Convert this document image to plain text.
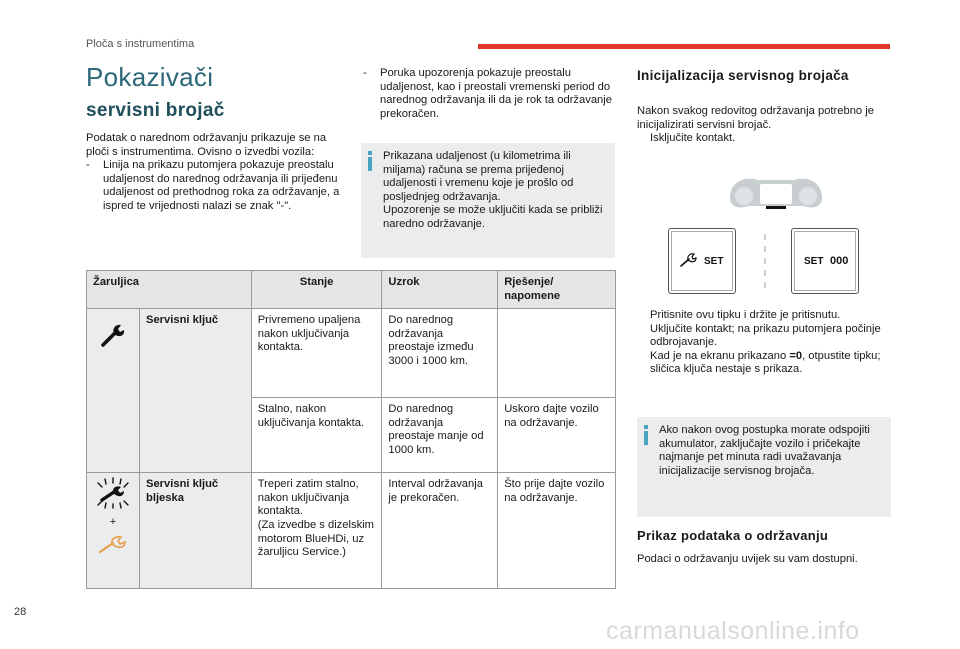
Ploča s instrumentima
Pokazivači
servisni brojač
Podatak o narednom održavanju prikazuje se na ploči s instrumentima. Ovisno o izvedbi vozila:
-	Linija na prikazu putomjera pokazuje preostalu udaljenost do narednog održavanja ili prijeđenu udaljenost od prethodnog roka za održavanje, a ispred te vrijednosti nalazi se znak "-".
-	Poruka upozorenja pokazuje preostalu udaljenost, kao i preostali vremenski period do narednog održavanja ili da je rok ta održavanje prekoračen.
Prikazana udaljenost (u kilometrima ili miljama) računa se prema prijeđenoj udaljenosti i vremenu koje je prošlo od posljednjeg održavanja.
Upozorenje se može uključiti kada se približi naredno održavanje.
Žaruljica		Stanje	Uzrok	Rješenje/ napomene
	Servisni ključ	Privremeno upaljena nakon uključivanja kontakta.	Do narednog održavanja preostaje između 3000 i 1000 km.	
		Stalno, nakon uključivanja kontakta.	Do narednog održavanja preostaje manje od 1000 km.	Uskoro dajte vozilo na održavanje.

+	Servisni ključ bljeska	Treperi zatim stalno, nakon uključivanja kontakta.
(Za izvedbe s dizelskim motorom BlueHDi, uz žaruljicu Service.)	Interval održavanja je prekoračen.	Što prije dajte vozilo na održavanje.
Inicijalizacija servisnog brojača
Nakon svakog redovitog održavanja potrebno je inicijalizirati servisni brojač.
Isključite kontakt.
SET	SET 000
Pritisnite ovu tipku i držite je pritisnutu.
Uključite kontakt; na prikazu putomjera počinje odbrojavanje.
Kad je na ekranu prikazano =0, otpustite tipku; sličica ključa nestaje s prikaza.
Ako nakon ovog postupka morate odspojiti akumulator, zaključajte vozilo i pričekajte najmanje pet minuta radi uvažavanja inicijalizacije servisnog brojača.
Prikaz podataka o održavanju
Podaci o održavanju uvijek su vam dostupni.
28
carmanualsonline.info
